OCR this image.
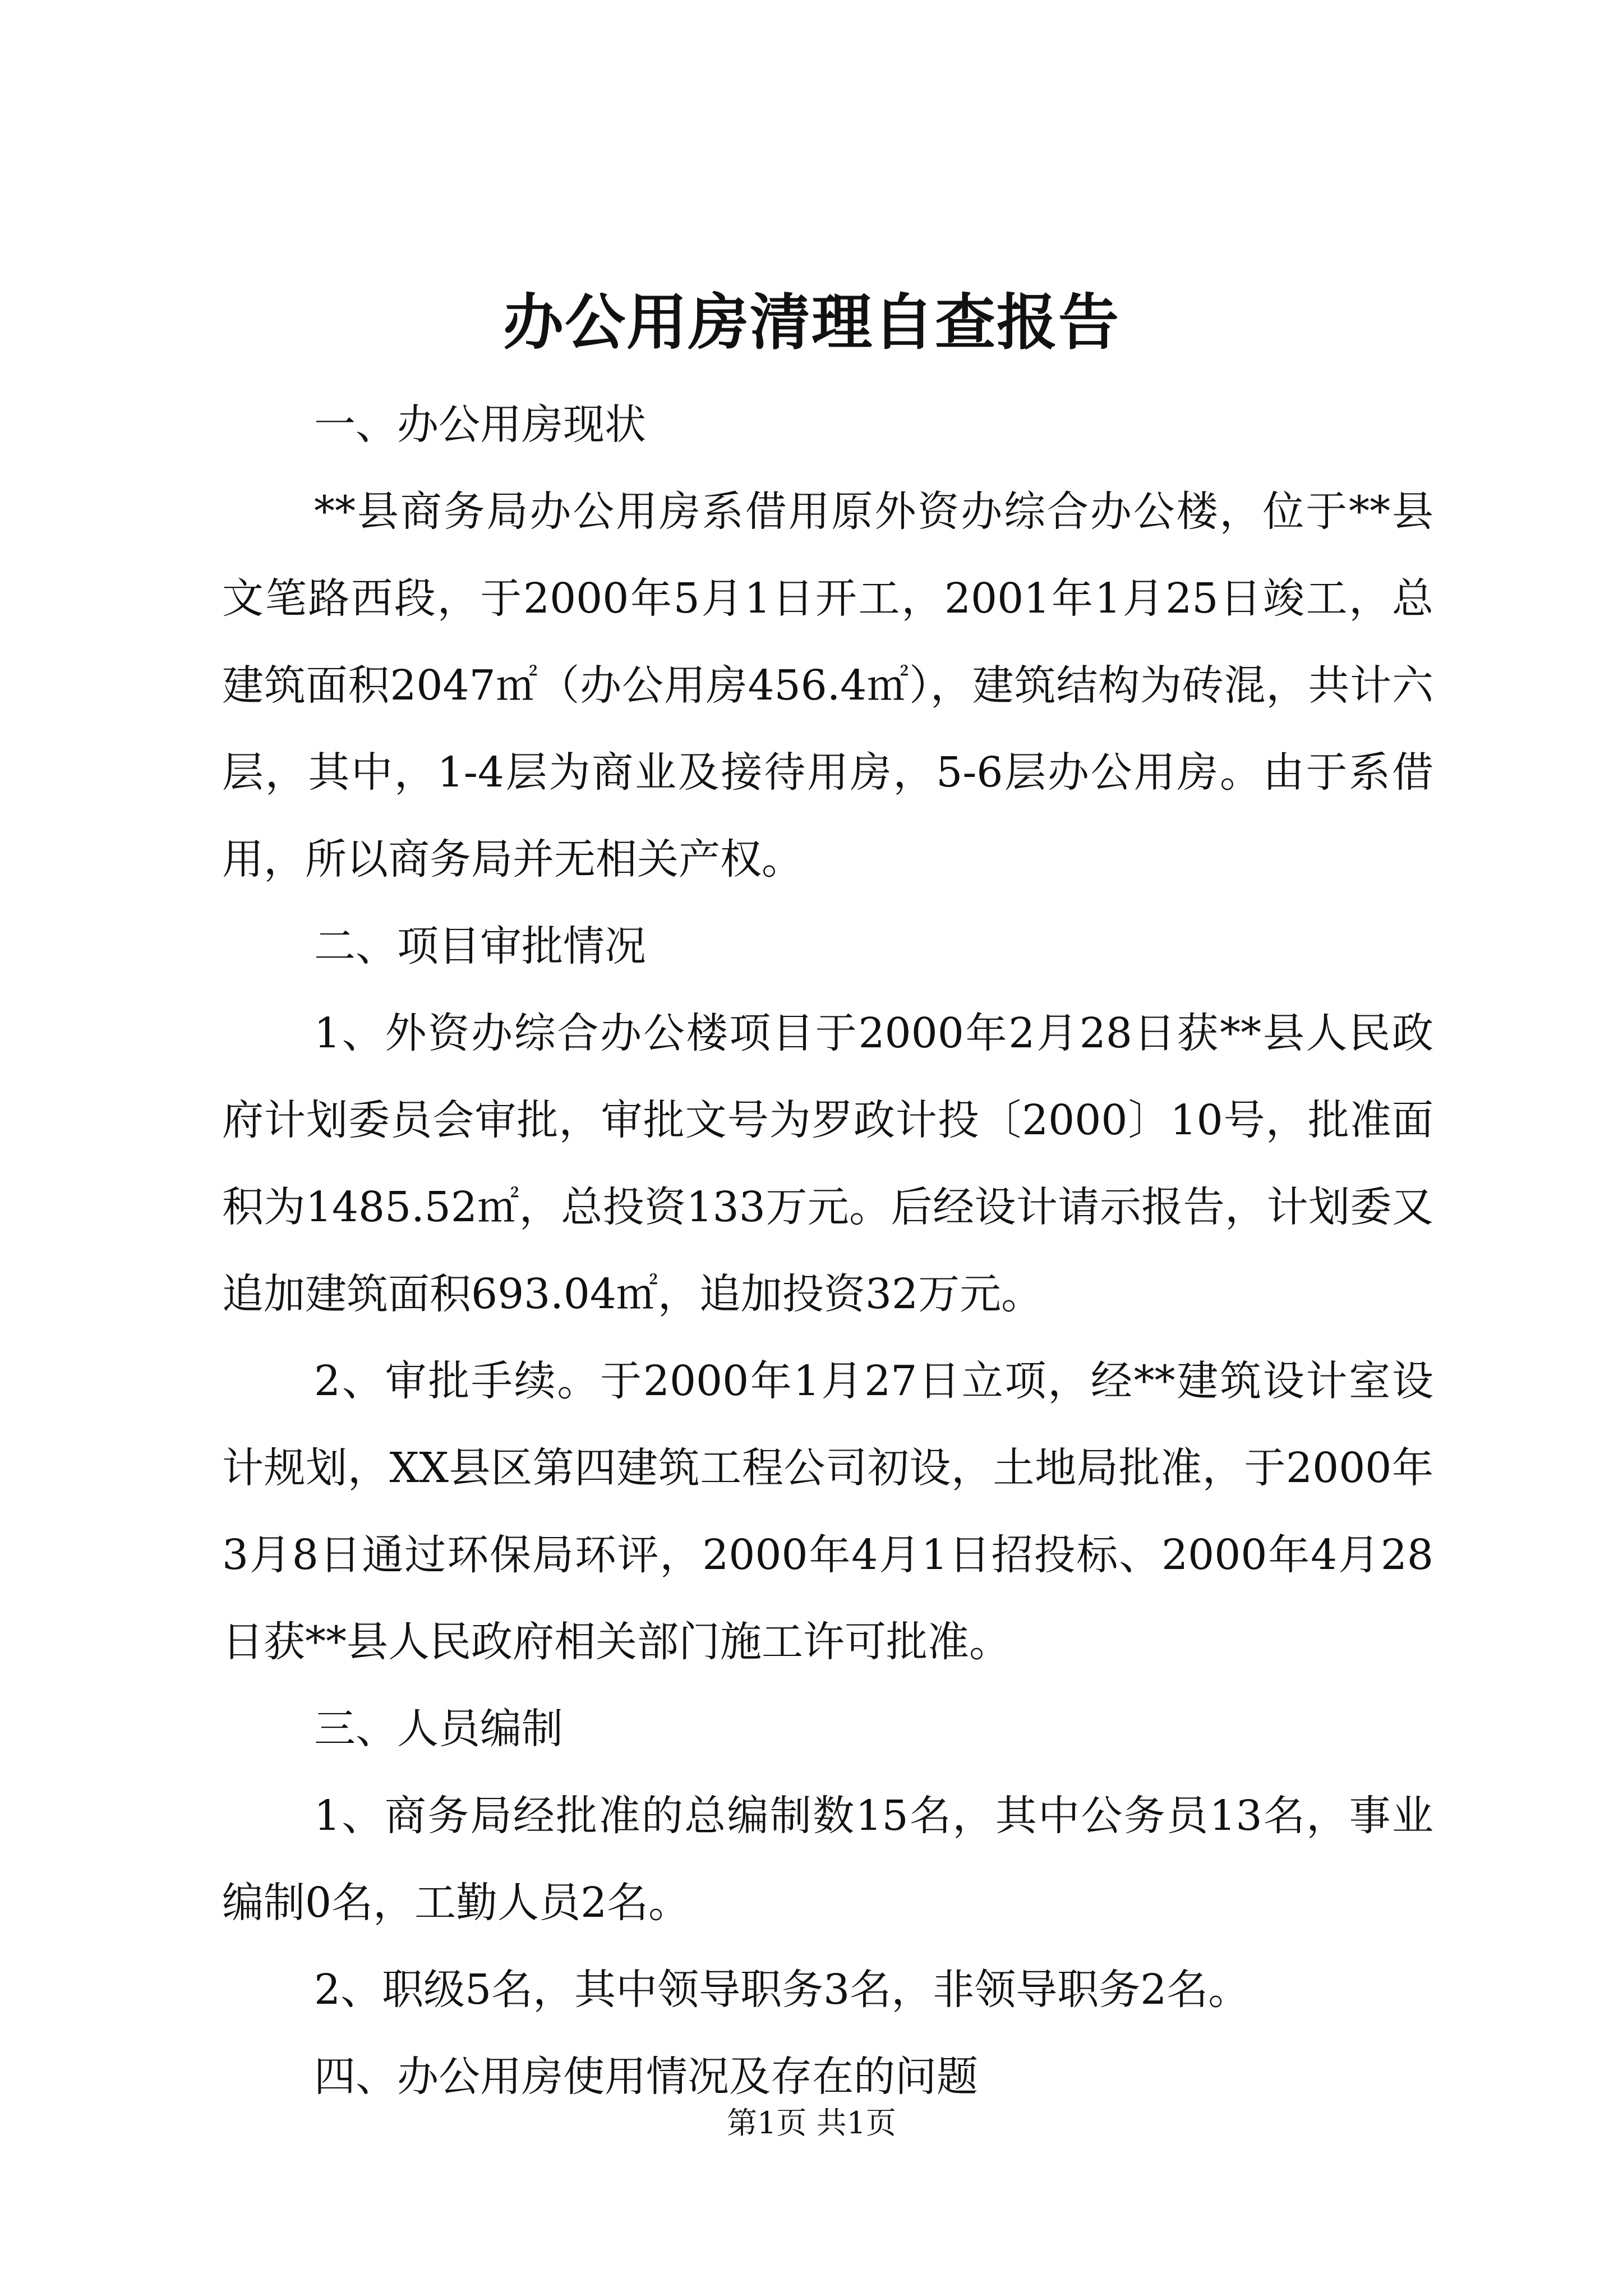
办公用房清理自查报告

一、办公用房现状

**县商务局办公用房系借用原外资办综合办公楼，位于**县文笔路西段，于2000年5月1日开工，2001年1月25日竣工，总建筑面积2047㎡（办公用房456.4㎡），建筑结构为砖混，共计六层，其中，1-4层为商业及接待用房，5-6层办公用房。由于系借用，所以商务局并无相关产权。

二、项目审批情况

1、外资办综合办公楼项目于2000年2月28日获**县人民政府计划委员会审批，审批文号为罗政计投〔2000〕10号，批准面积为1485.52㎡，总投资133万元。后经设计请示报告，计划委又追加建筑面积693.04㎡，追加投资32万元。

2、审批手续。于2000年1月27日立项，经**建筑设计室设计规划，XX县区第四建筑工程公司初设，土地局批准，于2000年3月8日通过环保局环评，2000年4月1日招投标、2000年4月28日获**县人民政府相关部门施工许可批准。

三、人员编制

1、商务局经批准的总编制数15名，其中公务员13名，事业编制0名，工勤人员2名。

2、职级5名，其中领导职务3名，非领导职务2名。

四、办公用房使用情况及存在的问题

第1页 共1页
